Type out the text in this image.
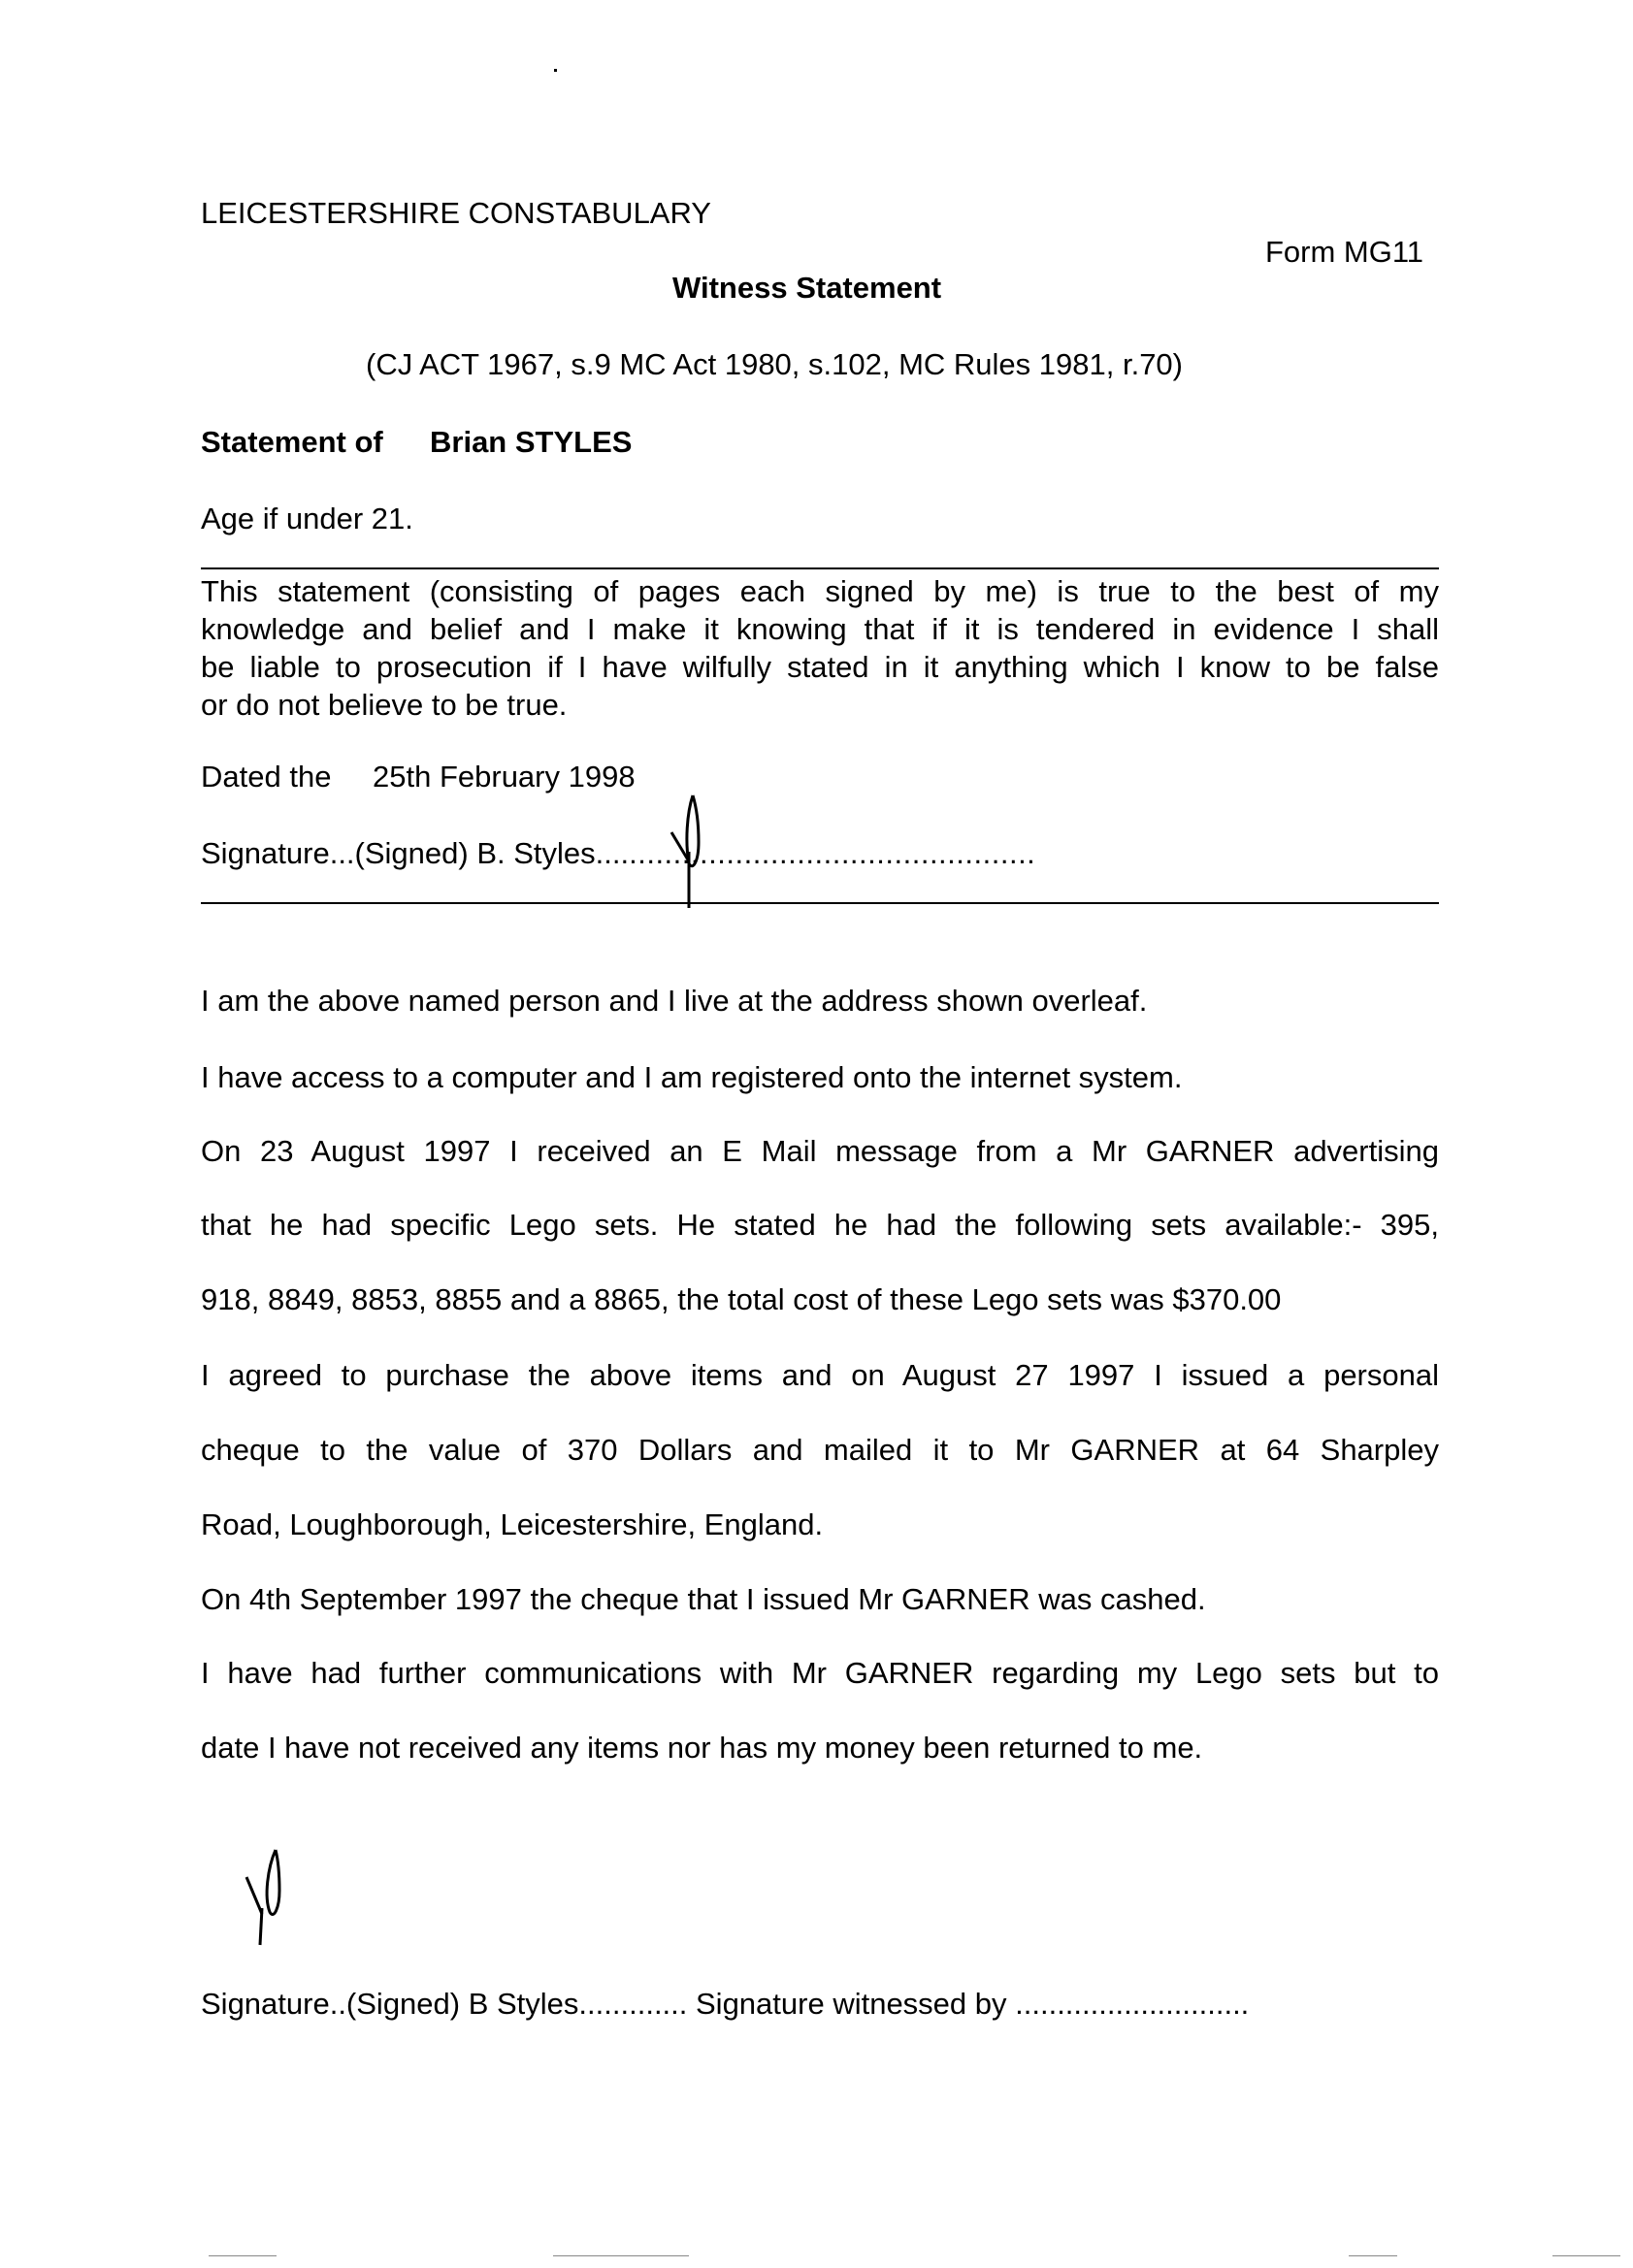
LEICESTERSHIRE CONSTABULARY
Form MG11
Witness Statement
(CJ ACT 1967, s.9 MC Act 1980, s.102, MC Rules 1981, r.70)
Statement of Brian STYLES
Age if under 21.
This statement (consisting of pages each signed by me) is true to the best of my
knowledge and belief and I make it knowing that if it is tendered in evidence I shall
be liable to prosecution if I have wilfully stated in it anything which I know to be false
or do not believe to be true.
Dated the 25th February 1998
Signature...(Signed) B. Styles..................................................
I am the above named person and I live at the address shown overleaf.
I have access to a computer and I am registered onto the internet system.
On 23 August 1997 I received an E Mail message from a Mr GARNER advertising
that he had specific Lego sets. He stated he had the following sets available:- 395,
918, 8849, 8853, 8855 and a 8865, the total cost of these Lego sets was $370.00
I agreed to purchase the above items and on August 27 1997 I issued a personal
cheque to the value of 370 Dollars and mailed it to Mr GARNER at 64 Sharpley
Road, Loughborough, Leicestershire, England.
On 4th September 1997 the cheque that I issued Mr GARNER was cashed.
I have had further communications with Mr GARNER regarding my Lego sets but to
date I have not received any items nor has my money been returned to me.
Signature..(Signed) B Styles............. Signature witnessed by ............................
